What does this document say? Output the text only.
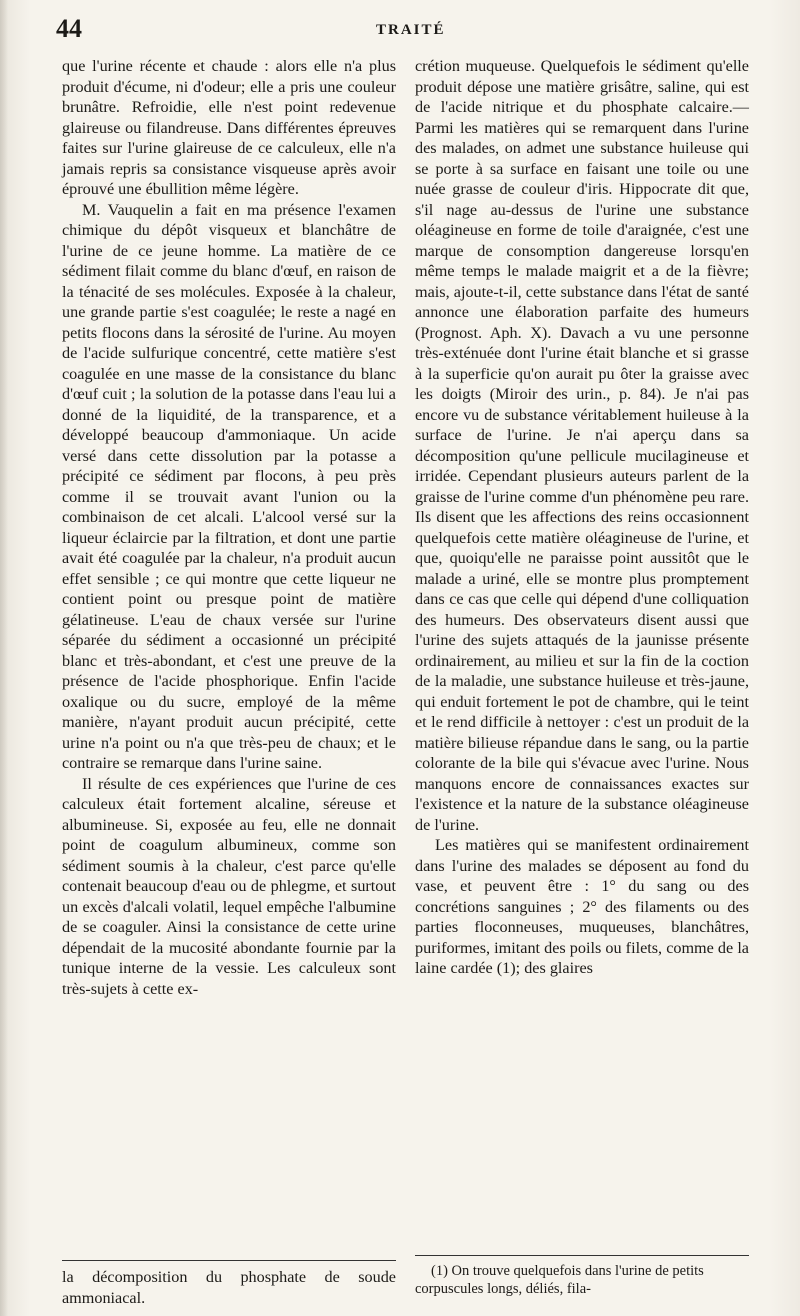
44	TRAITÉ

que l'urine récente et chaude : alors elle n'a plus produit d'écume, ni d'odeur; elle a pris une couleur brunâtre. Refroidie, elle n'est point redevenue glaireuse ou filandreuse. Dans différentes épreuves faites sur l'urine glaireuse de ce calculeux, elle n'a jamais repris sa consistance visqueuse après avoir éprouvé une ébullition même légère.

M. Vauquelin a fait en ma présence l'examen chimique du dépôt visqueux et blanchâtre de l'urine de ce jeune homme. La matière de ce sédiment filait comme du blanc d'œuf, en raison de la ténacité de ses molécules. Exposée à la chaleur, une grande partie s'est coagulée; le reste a nagé en petits flocons dans la sérosité de l'urine. Au moyen de l'acide sulfurique concentré, cette matière s'est coagulée en une masse de la consistance du blanc d'œuf cuit ; la solution de la potasse dans l'eau lui a donné de la liquidité, de la transparence, et a développé beaucoup d'ammoniaque. Un acide versé dans cette dissolution par la potasse a précipité ce sédiment par flocons, à peu près comme il se trouvait avant l'union ou la combinaison de cet alcali. L'alcool versé sur la liqueur éclaircie par la filtration, et dont une partie avait été coagulée par la chaleur, n'a produit aucun effet sensible ; ce qui montre que cette liqueur ne contient point ou presque point de matière gélatineuse. L'eau de chaux versée sur l'urine séparée du sédiment a occasionné un précipité blanc et très-abondant, et c'est une preuve de la présence de l'acide phosphorique. Enfin l'acide oxalique ou du sucre, employé de la même manière, n'ayant produit aucun précipité, cette urine n'a point ou n'a que très-peu de chaux; et le contraire se remarque dans l'urine saine.

Il résulte de ces expériences que l'urine de ces calculeux était fortement alcaline, séreuse et albumineuse. Si, exposée au feu, elle ne donnait point de coagulum albumineux, comme son sédiment soumis à la chaleur, c'est parce qu'elle contenait beaucoup d'eau ou de phlegme, et surtout un excès d'alcali volatil, lequel empêche l'albumine de se coaguler. Ainsi la consistance de cette urine dépendait de la mucosité abondante fournie par la tunique interne de la vessie. Les calculeux sont très-sujets à cette ex-

la décomposition du phosphate de soude ammoniacal.

crétion muqueuse. Quelquefois le sédiment qu'elle produit dépose une matière grisâtre, saline, qui est de l'acide nitrique et du phosphate calcaire.— Parmi les matières qui se remarquent dans l'urine des malades, on admet une substance huileuse qui se porte à sa surface en faisant une toile ou une nuée grasse de couleur d'iris. Hippocrate dit que, s'il nage au-dessus de l'urine une substance oléagineuse en forme de toile d'araignée, c'est une marque de consomption dangereuse lorsqu'en même temps le malade maigrit et a de la fièvre; mais, ajoute-t-il, cette substance dans l'état de santé annonce une élaboration parfaite des humeurs (Prognost. Aph. X). Davach a vu une personne très-exténuée dont l'urine était blanche et si grasse à la superficie qu'on aurait pu ôter la graisse avec les doigts (Miroir des urin., p. 84). Je n'ai pas encore vu de substance véritablement huileuse à la surface de l'urine. Je n'ai aperçu dans sa décomposition qu'une pellicule mucilagineuse et irridée. Cependant plusieurs auteurs parlent de la graisse de l'urine comme d'un phénomène peu rare. Ils disent que les affections des reins occasionnent quelquefois cette matière oléagineuse de l'urine, et que, quoiqu'elle ne paraisse point aussitôt que le malade a uriné, elle se montre plus promptement dans ce cas que celle qui dépend d'une colliquation des humeurs. Des observateurs disent aussi que l'urine des sujets attaqués de la jaunisse présente ordinairement, au milieu et sur la fin de la coction de la maladie, une substance huileuse et très-jaune, qui enduit fortement le pot de chambre, qui le teint et le rend difficile à nettoyer : c'est un produit de la matière bilieuse répandue dans le sang, ou la partie colorante de la bile qui s'évacue avec l'urine. Nous manquons encore de connaissances exactes sur l'existence et la nature de la substance oléagineuse de l'urine.

Les matières qui se manifestent ordinairement dans l'urine des malades se déposent au fond du vase, et peuvent être : 1° du sang ou des concrétions sanguines ; 2° des filaments ou des parties floconneuses, muqueuses, blanchâtres, puriformes, imitant des poils ou filets, comme de la laine cardée (1); des glaires

(1) On trouve quelquefois dans l'urine de petits corpuscules longs, déliés, fila-
